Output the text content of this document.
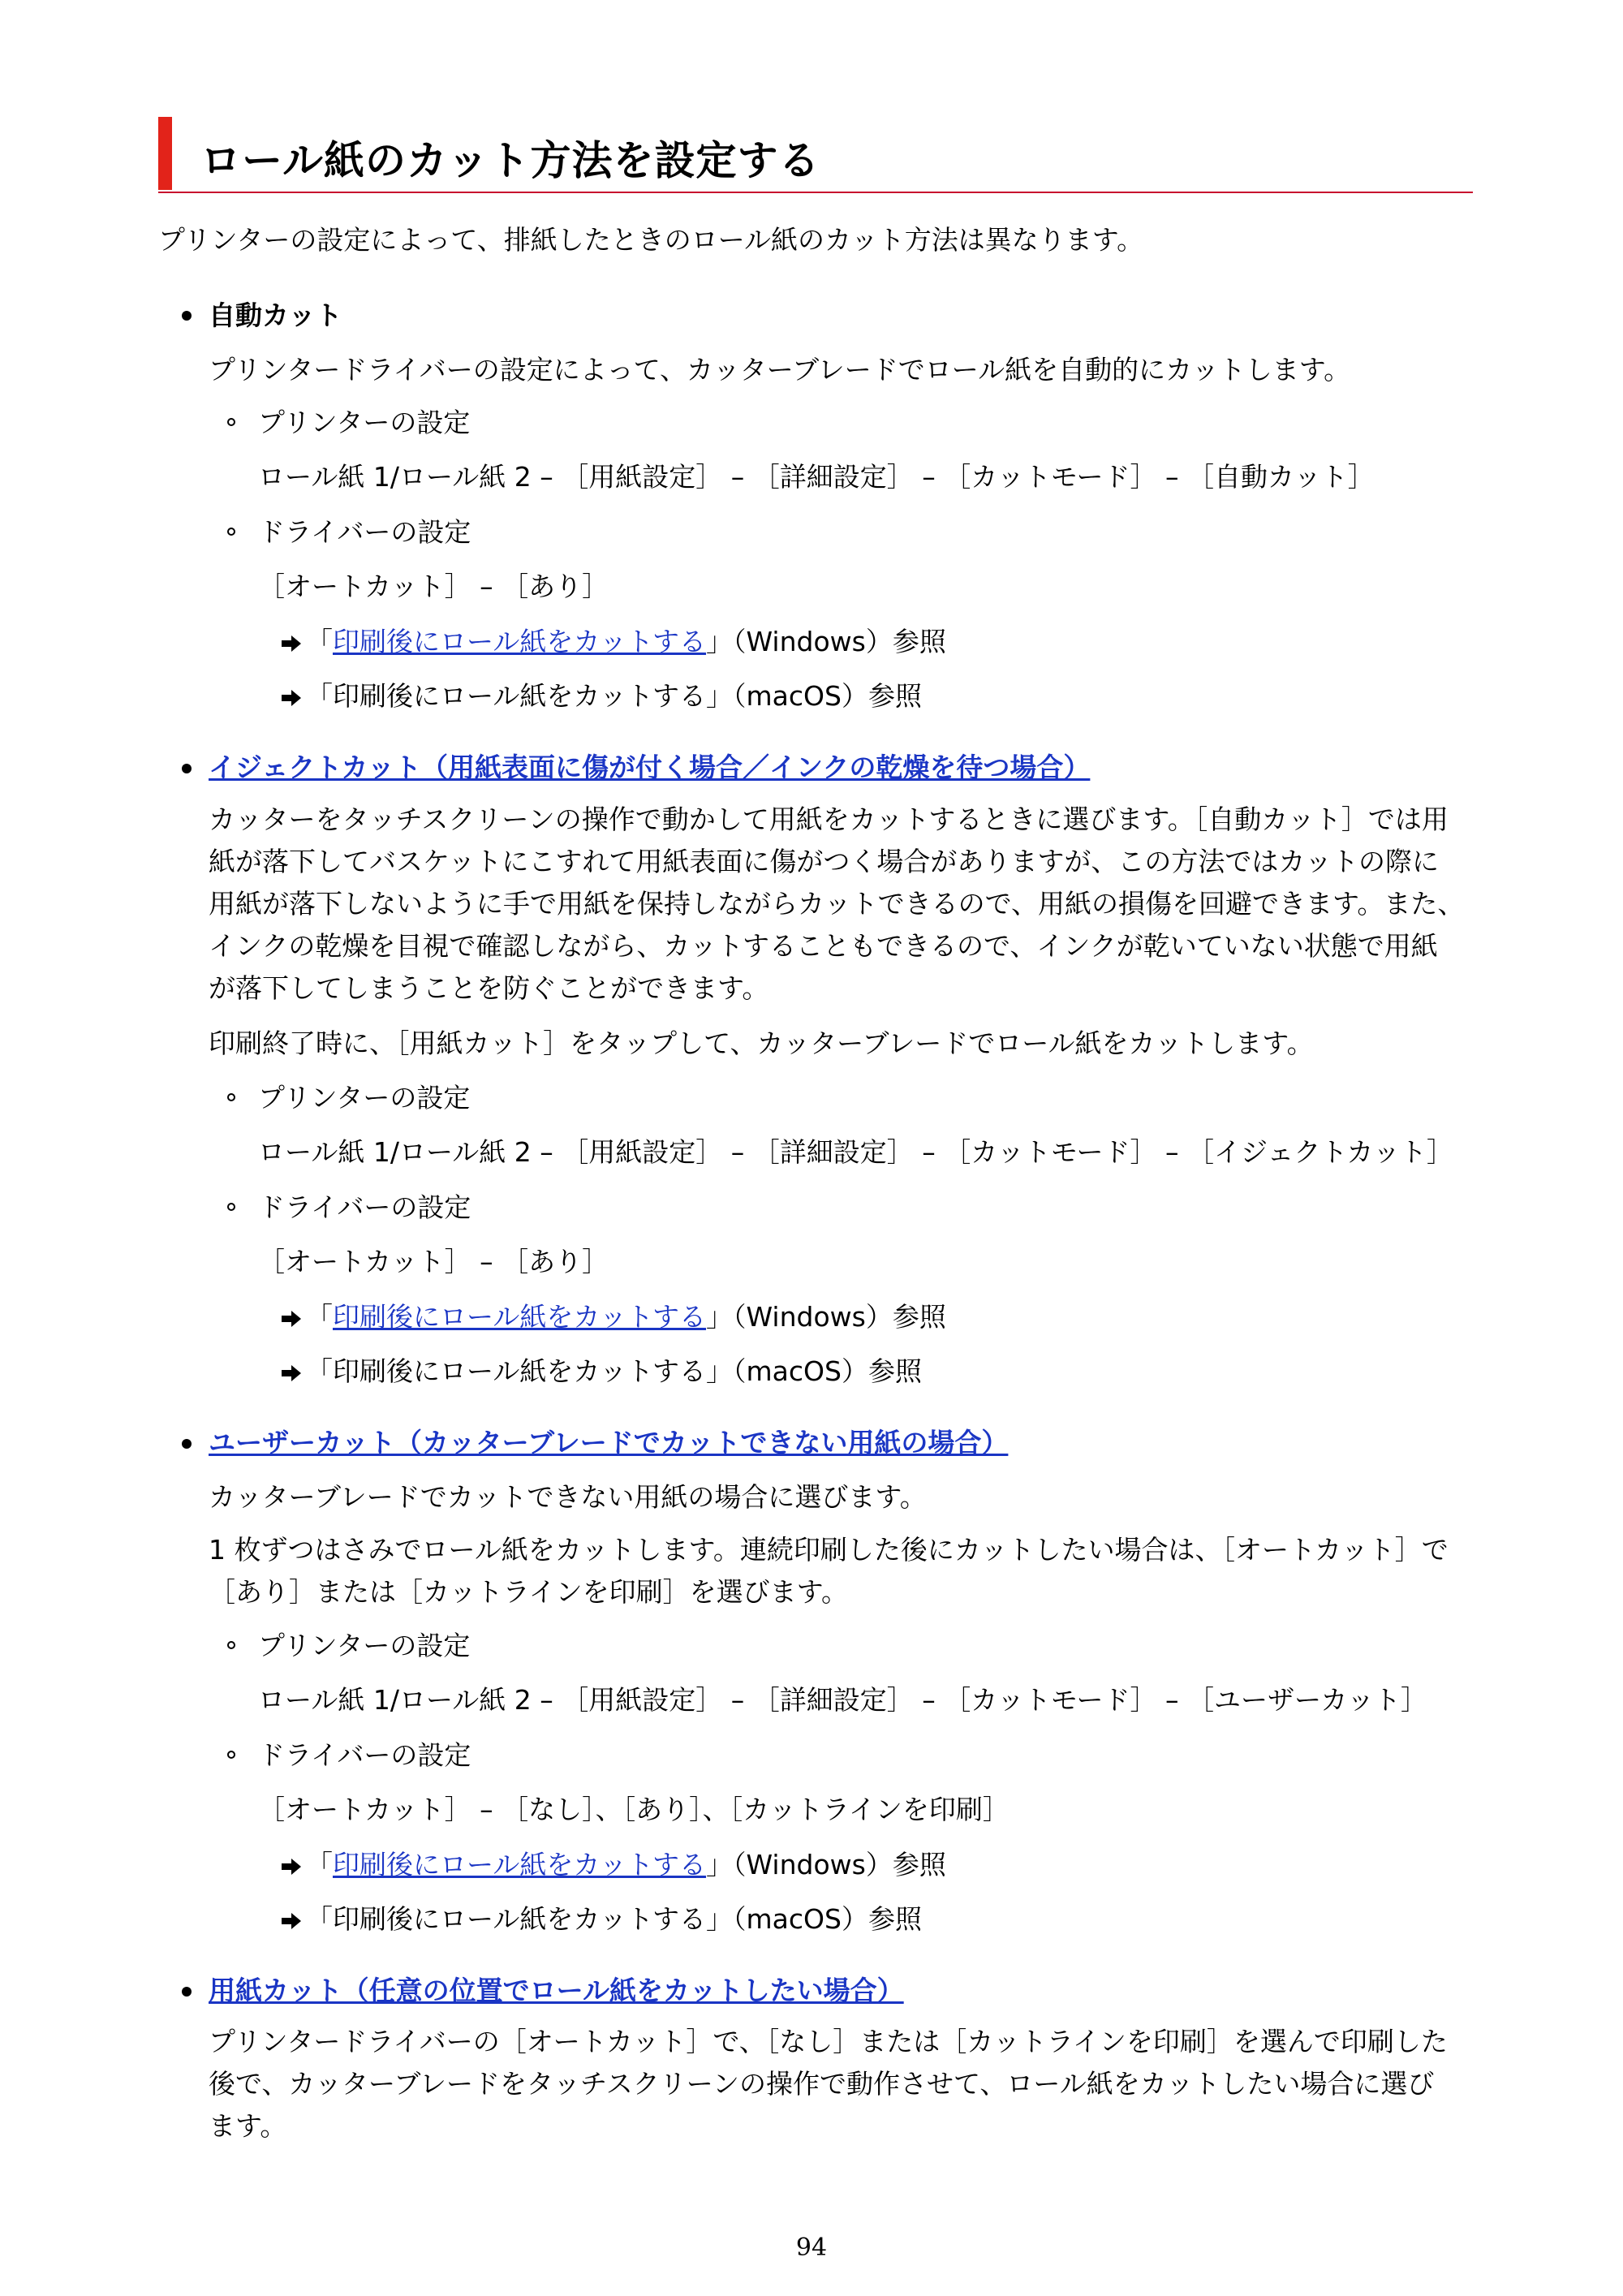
ロール紙のカット方法を設定する
プリンターの設定によって、排紙したときのロール紙のカット方法は異なります。
自動カット
プリンタードライバーの設定によって、カッターブレードでロール紙を自動的にカットします。
プリンターの設定
ロール紙 1/ロール紙 2 – ［用紙設定］ – ［詳細設定］ – ［カットモード］ – ［自動カット］
ドライバーの設定
［オートカット］ – ［あり］
「印刷後にロール紙をカットする」（Windows）参照
「印刷後にロール紙をカットする」（macOS）参照
イジェクトカット（用紙表面に傷が付く場合／インクの乾燥を待つ場合）
カッターをタッチスクリーンの操作で動かして用紙をカットするときに選びます。［自動カット］では用
紙が落下してバスケットにこすれて用紙表面に傷がつく場合がありますが、この方法ではカットの際に
用紙が落下しないように手で用紙を保持しながらカットできるので、用紙の損傷を回避できます。また、
インクの乾燥を目視で確認しながら、カットすることもできるので、インクが乾いていない状態で用紙
が落下してしまうことを防ぐことができます。
印刷終了時に、［用紙カット］をタップして、カッターブレードでロール紙をカットします。
プリンターの設定
ロール紙 1/ロール紙 2 – ［用紙設定］ – ［詳細設定］ – ［カットモード］ – ［イジェクトカット］
ドライバーの設定
［オートカット］ – ［あり］
「印刷後にロール紙をカットする」（Windows）参照
「印刷後にロール紙をカットする」（macOS）参照
ユーザーカット（カッターブレードでカットできない用紙の場合）
カッターブレードでカットできない用紙の場合に選びます。
1 枚ずつはさみでロール紙をカットします。連続印刷した後にカットしたい場合は、［オートカット］で
［あり］または［カットラインを印刷］を選びます。
プリンターの設定
ロール紙 1/ロール紙 2 – ［用紙設定］ – ［詳細設定］ – ［カットモード］ – ［ユーザーカット］
ドライバーの設定
［オートカット］ – ［なし］、［あり］、［カットラインを印刷］
「印刷後にロール紙をカットする」（Windows）参照
「印刷後にロール紙をカットする」（macOS）参照
用紙カット（任意の位置でロール紙をカットしたい場合）
プリンタードライバーの［オートカット］で、［なし］または［カットラインを印刷］を選んで印刷した
後で、カッターブレードをタッチスクリーンの操作で動作させて、ロール紙をカットしたい場合に選び
ます。
94
